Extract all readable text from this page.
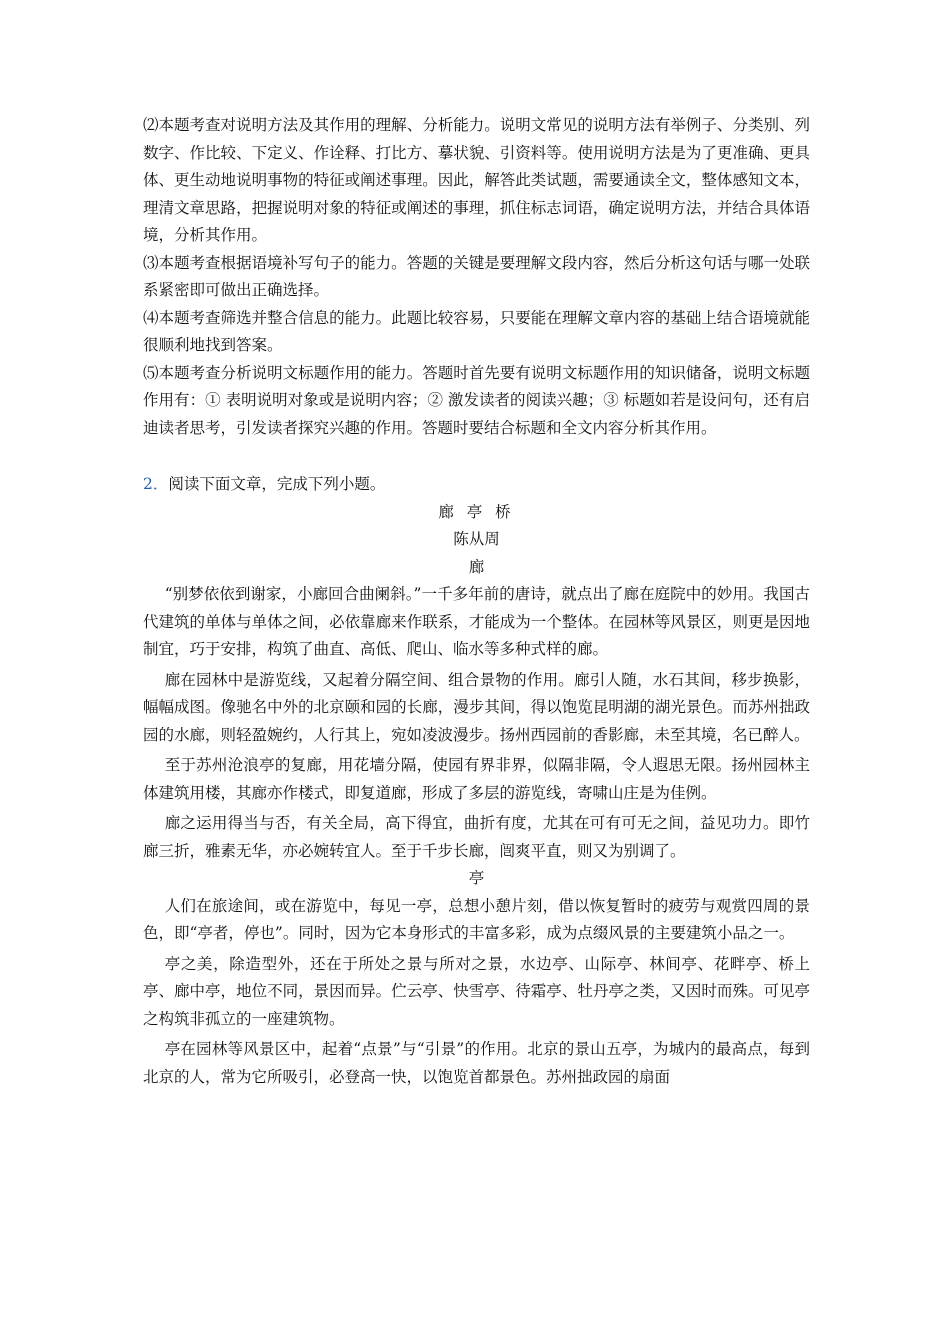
⑵本题考查对说明方法及其作用的理解、分析能力。说明文常见的说明方法有举例子、分类别、列数字、作比较、下定义、作诠释、打比方、摹状貌、引资料等。使用说明方法是为了更准确、更具体、更生动地说明事物的特征或阐述事理。因此，解答此类试题，需要通读全文，整体感知文本，理清文章思路，把握说明对象的特征或阐述的事理，抓住标志词语，确定说明方法，并结合具体语境，分析其作用。

⑶本题考查根据语境补写句子的能力。答题的关键是要理解文段内容，然后分析这句话与哪一处联系紧密即可做出正确选择。

⑷本题考查筛选并整合信息的能力。此题比较容易，只要能在理解文章内容的基础上结合语境就能很顺利地找到答案。

⑸本题考查分析说明文标题作用的能力。答题时首先要有说明文标题作用的知识储备，说明文标题作用有：① 表明说明对象或是说明内容；② 激发读者的阅读兴趣；③ 标题如若是设问句，还有启迪读者思考，引发读者探究兴趣的作用。答题时要结合标题和全文内容分析其作用。

2．阅读下面文章，完成下列小题。

廊 亭 桥

陈从周

廊

“别梦依依到谢家，小廊回合曲阑斜。”一千多年前的唐诗，就点出了廊在庭院中的妙用。我国古代建筑的单体与单体之间，必依靠廊来作联系，才能成为一个整体。在园林等风景区，则更是因地制宜，巧于安排，构筑了曲直、高低、爬山、临水等多种式样的廊。

廊在园林中是游览线，又起着分隔空间、组合景物的作用。廊引人随，水石其间，移步换影，幅幅成图。像驰名中外的北京颐和园的长廊，漫步其间，得以饱览昆明湖的湖光景色。而苏州拙政园的水廊，则轻盈婉约，人行其上，宛如凌波漫步。扬州西园前的香影廊，未至其境，名已醉人。

至于苏州沧浪亭的复廊，用花墙分隔，使园有界非界，似隔非隔，令人遐思无限。扬州园林主体建筑用楼，其廊亦作楼式，即复道廊，形成了多层的游览线，寄啸山庄是为佳例。

廊之运用得当与否，有关全局，高下得宜，曲折有度，尤其在可有可无之间，益见功力。即竹廊三折，雅素无华，亦必婉转宜人。至于千步长廊，闿爽平直，则又为别调了。

亭

人们在旅途间，或在游览中，每见一亭，总想小憩片刻，借以恢复暂时的疲劳与观赏四周的景色，即“亭者，停也”。同时，因为它本身形式的丰富多彩，成为点缀风景的主要建筑小品之一。

亭之美，除造型外，还在于所处之景与所对之景，水边亭、山际亭、林间亭、花畔亭、桥上亭、廊中亭，地位不同，景因而异。伫云亭、快雪亭、待霜亭、牡丹亭之类，又因时而殊。可见亭之构筑非孤立的一座建筑物。

亭在园林等风景区中，起着“点景”与“引景”的作用。北京的景山五亭，为城内的最高点，每到北京的人，常为它所吸引，必登高一快，以饱览首都景色。苏州拙政园的扇面
